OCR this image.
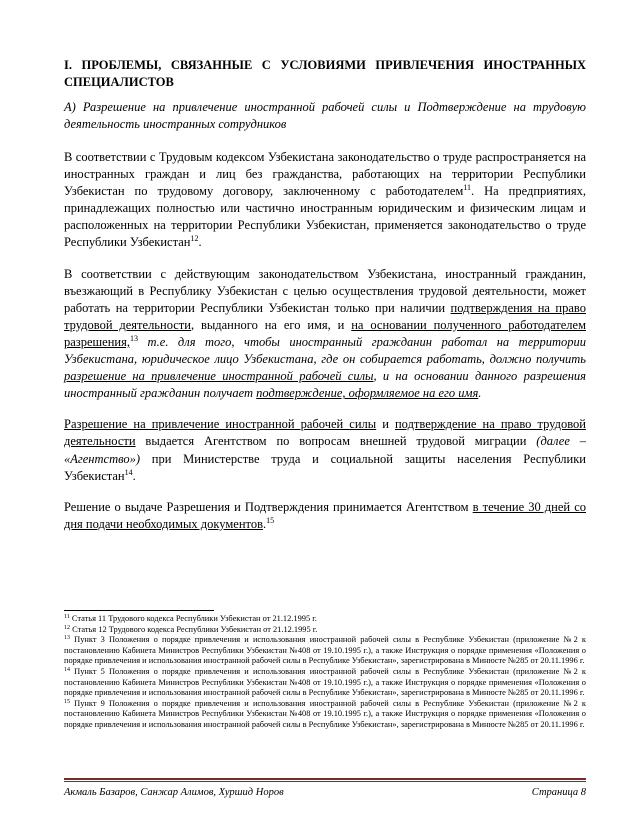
I. ПРОБЛЕМЫ, СВЯЗАННЫЕ С УСЛОВИЯМИ ПРИВЛЕЧЕНИЯ ИНОСТРАННЫХ СПЕЦИАЛИСТОВ
А) Разрешение на привлечение иностранной рабочей силы и Подтверждение на трудовую деятельность иностранных сотрудников

В соответствии с Трудовым кодексом Узбекистана законодательство о труде распространяется на иностранных граждан и лиц без гражданства, работающих на территории Республики Узбекистан по трудовому договору, заключенному с работодателем$^{11}$. На предприятиях, принадлежащих полностью или частично иностранным юридическим и физическим лицам и расположенных на территории Республики Узбекистан, применяется законодательство о труде Республики Узбекистан$^{12}$.

В соответствии с действующим законодательством Узбекистана, иностранный гражданин, въезжающий в Республику Узбекистан с целью осуществления трудовой деятельности, может работать на территории Республики Узбекистан только при наличии подтверждения на право трудовой деятельности, выданного на его имя, и на основании полученного работодателем разрешения,$^{13}$ т.е. для того, чтобы иностранный гражданин работал на территории Узбекистана, юридическое лицо Узбекистана, где он собирается работать, должно получить разрешение на привлечение иностранной рабочей силы, и на основании данного разрешения иностранный гражданин получает подтверждение, оформляемое на его имя.

Разрешение на привлечение иностранной рабочей силы и подтверждение на право трудовой деятельности выдается Агентством по вопросам внешней трудовой миграции (далее – «Агентство») при Министерстве труда и социальной защиты населения Республики Узбекистан$^{14}$.

Решение о выдаче Разрешения и Подтверждения принимается Агентством в течение 30 дней со дня подачи необходимых документов.$^{15}$

$^{11}$ Статья 11 Трудового кодекса Республики Узбекистан от 21.12.1995 г.
$^{12}$ Статья 12 Трудового кодекса Республики Узбекистан от 21.12.1995 г.
$^{13}$ Пункт 3 Положения о порядке привлечения и использования иностранной рабочей силы в Республике Узбекистан (приложение №2 к постановлению Кабинета Министров Республики Узбекистан №408 от 19.10.1995 г.), а также Инструкция о порядке применения «Положения о порядке привлечения и использования иностранной рабочей силы в Республике Узбекистан», зарегистрирована в Минюсте №285 от 20.11.1996 г.
$^{14}$ Пункт 5 Положения о порядке привлечения и использования иностранной рабочей силы в Республике Узбекистан (приложение №2 к постановлению Кабинета Министров Республики Узбекистан №408 от 19.10.1995 г.), а также Инструкция о порядке применения «Положения о порядке привлечения и использования иностранной рабочей силы в Республике Узбекистан», зарегистрирована в Минюсте №285 от 20.11.1996 г.
$^{15}$ Пункт 9 Положения о порядке привлечения и использования иностранной рабочей силы в Республике Узбекистан (приложение №2 к постановлению Кабинета Министров Республики Узбекистан №408 от 19.10.1995 г.), а также Инструкция о порядке применения «Положения о порядке привлечения и использования иностранной рабочей силы в Республике Узбекистан», зарегистрирована в Минюсте №285 от 20.11.1996 г.
Акмаль Базаров, Санжар Алимов, Хуршид Норов	Страница 8
